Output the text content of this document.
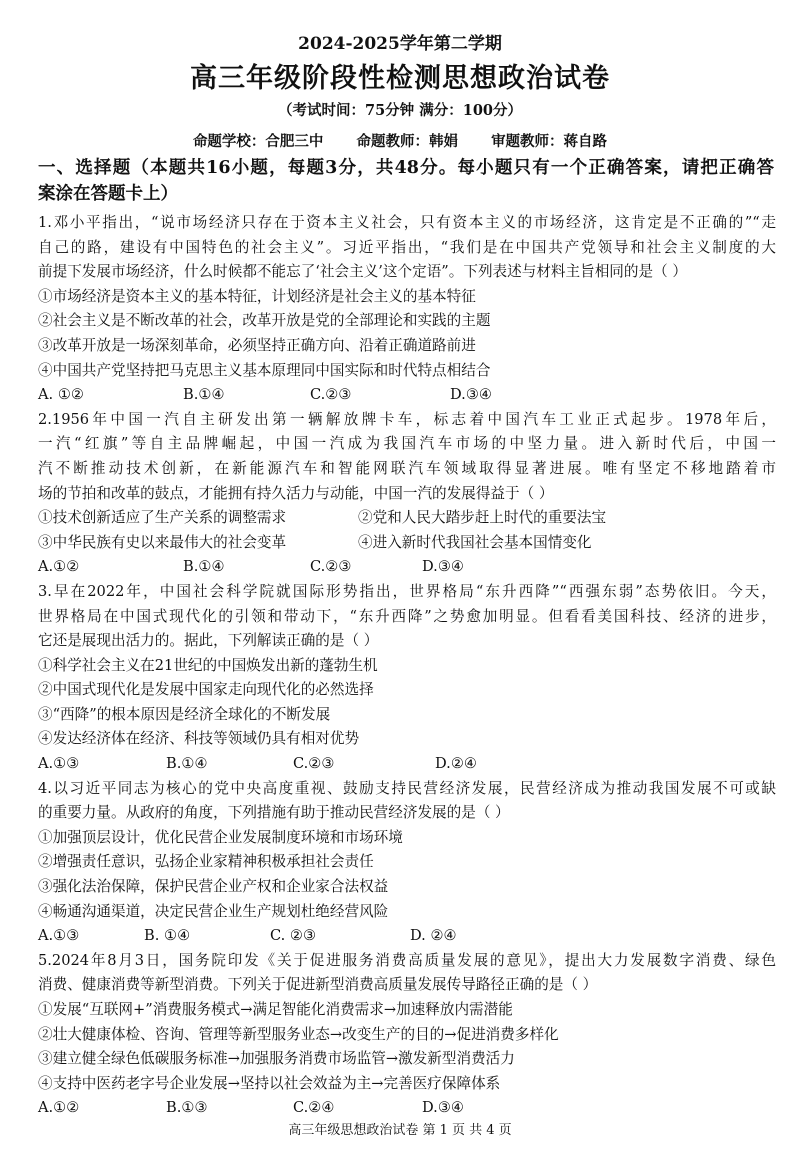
2024-2025学年第二学期
高三年级阶段性检测思想政治试卷
（考试时间：75分钟 满分：100分）
命题学校：合肥三中 命题教师：韩娟 审题教师：蒋自路
一、选择题（本题共16小题，每题3分，共48分。每小题只有一个正确答案，请把正确答
案涂在答题卡上）
1.邓小平指出，“说市场经济只存在于资本主义社会，只有资本主义的市场经济，这肯定是不正确的”“走
自己的路，建设有中国特色的社会主义”。习近平指出，“我们是在中国共产党领导和社会主义制度的大
前提下发展市场经济，什么时候都不能忘了‘社会主义’这个定语”。下列表述与材料主旨相同的是（ ）
①市场经济是资本主义的基本特征，计划经济是社会主义的基本特征
②社会主义是不断改革的社会，改革开放是党的全部理论和实践的主题
③改革开放是一场深刻革命，必须坚持正确方向、沿着正确道路前进
④中国共产党坚持把马克思主义基本原理同中国实际和时代特点相结合
A. ①②	B.①④	C.②③	D.③④
2.1956年中国一汽自主研发出第一辆解放牌卡车，标志着中国汽车工业正式起步。1978年后，
一汽“红旗”等自主品牌崛起，中国一汽成为我国汽车市场的中坚力量。进入新时代后，中国一
汽不断推动技术创新，在新能源汽车和智能网联汽车领域取得显著进展。唯有坚定不移地踏着市
场的节拍和改革的鼓点，才能拥有持久活力与动能，中国一汽的发展得益于（ ）
①技术创新适应了生产关系的调整需求	②党和人民大踏步赶上时代的重要法宝
③中华民族有史以来最伟大的社会变革	④进入新时代我国社会基本国情变化
A.①②	B.①④	C.②③	D.③④
3.早在2022年，中国社会科学院就国际形势指出，世界格局“东升西降”“西强东弱”态势依旧。今天，
世界格局在中国式现代化的引领和带动下，“东升西降”之势愈加明显。但看看美国科技、经济的进步，
它还是展现出活力的。据此，下列解读正确的是（ ）
①科学社会主义在21世纪的中国焕发出新的蓬勃生机
②中国式现代化是发展中国家走向现代化的必然选择
③“西降”的根本原因是经济全球化的不断发展
④发达经济体在经济、科技等领域仍具有相对优势
A.①③	B.①④	C.②③	D.②④
4.以习近平同志为核心的党中央高度重视、鼓励支持民营经济发展，民营经济成为推动我国发展不可或缺
的重要力量。从政府的角度，下列措施有助于推动民营经济发展的是（ ）
①加强顶层设计，优化民营企业发展制度环境和市场环境
②增强责任意识，弘扬企业家精神积极承担社会责任
③强化法治保障，保护民营企业产权和企业家合法权益
④畅通沟通渠道，决定民营企业生产规划杜绝经营风险
A.①③	B. ①④	C. ②③	D. ②④
5.2024年8月3日，国务院印发《关于促进服务消费高质量发展的意见》，提出大力发展数字消费、绿色
消费、健康消费等新型消费。下列关于促进新型消费高质量发展传导路径正确的是（ ）
①发展“互联网+”消费服务模式→满足智能化消费需求→加速释放内需潜能
②壮大健康体检、咨询、管理等新型服务业态→改变生产的目的→促进消费多样化
③建立健全绿色低碳服务标准→加强服务消费市场监管→激发新型消费活力
④支持中医药老字号企业发展→坚持以社会效益为主→完善医疗保障体系
A.①②	B.①③	C.②④	D.③④
高三年级思想政治试卷 第 1 页 共 4 页
